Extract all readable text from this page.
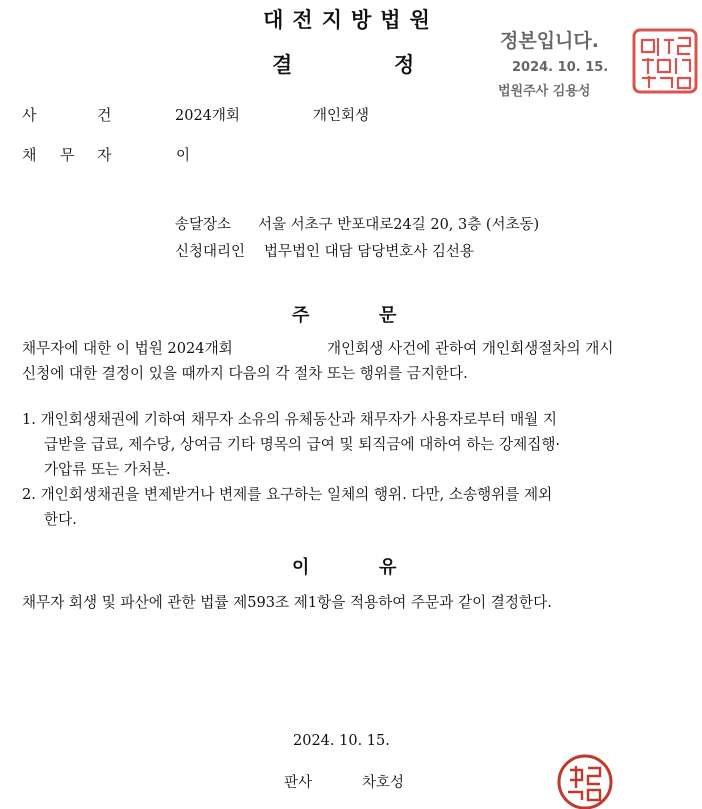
대전지방법원
결	정
정본입니다.
2024. 10. 15.
법원주사 김용성
사	건	2024개회	개인회생
채 무 자	이
송달장소 서울 서초구 반포대로24길 20, 3층 (서초동)
신청대리인 법무법인 대담 담당변호사 김선용
주	문
채무자에 대한 이 법원 2024개회	개인회생 사건에 관하여 개인회생절차의 개시
신청에 대한 결정이 있을 때까지 다음의 각 절차 또는 행위를 금지한다.
1. 개인회생채권에 기하여 채무자 소유의 유체동산과 채무자가 사용자로부터 매월 지
급받을 급료, 제수당, 상여금 기타 명목의 급여 및 퇴직금에 대하여 하는 강제집행·
가압류 또는 가처분.
2. 개인회생채권을 변제받거나 변제를 요구하는 일체의 행위. 다만, 소송행위를 제외
한다.
이	유
채무자 회생 및 파산에 관한 법률 제593조 제1항을 적용하여 주문과 같이 결정한다.
2024. 10. 15.
판사	차호성
